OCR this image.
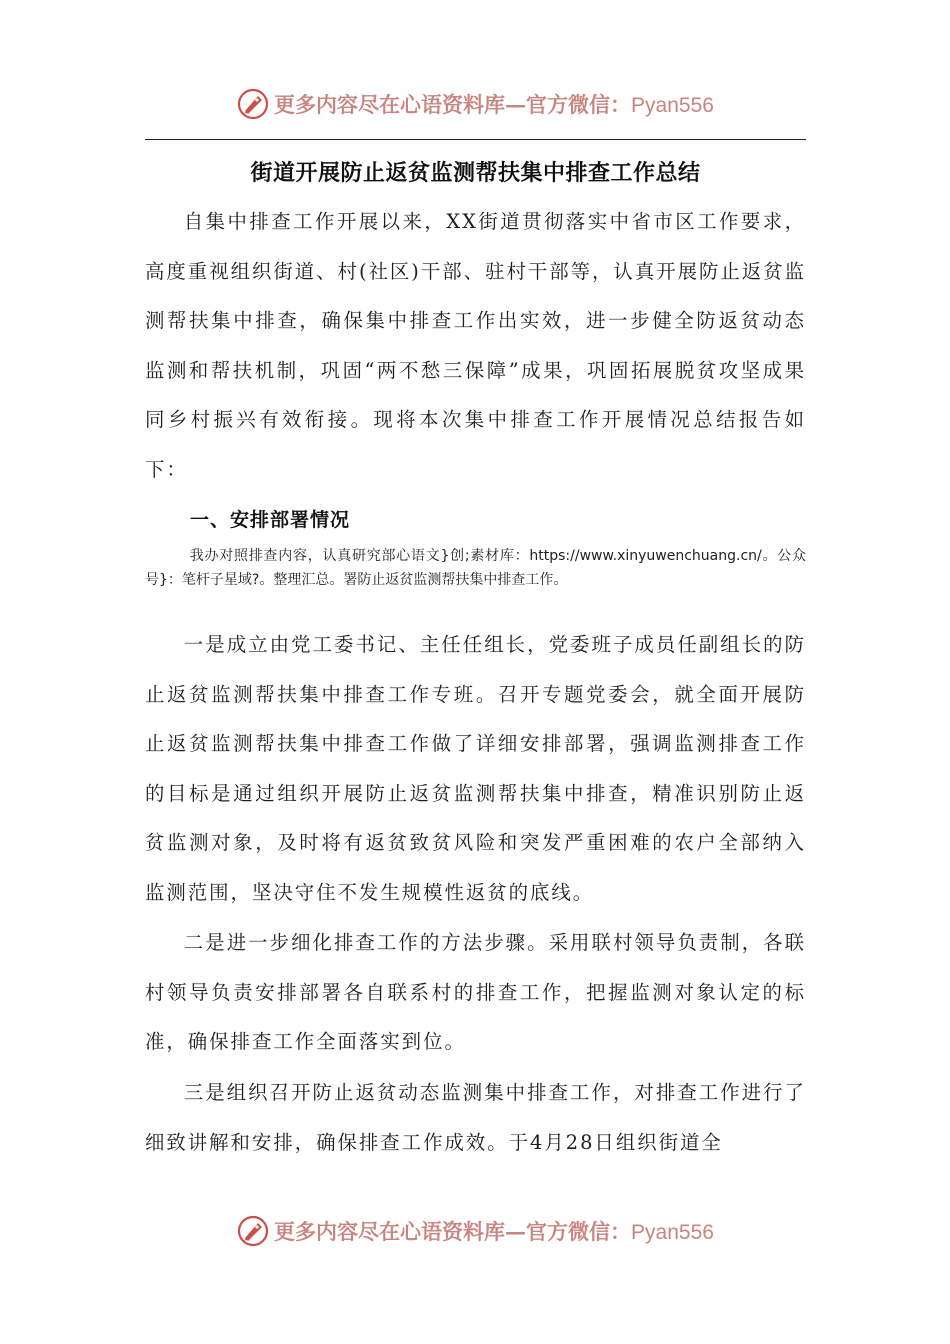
更多内容尽在心语资料库—官方微信：Pyan556
街道开展防止返贫监测帮扶集中排查工作总结

自集中排查工作开展以来，XX街道贯彻落实中省市区工作要求，高度重视组织街道、村(社区)干部、驻村干部等，认真开展防止返贫监测帮扶集中排查，确保集中排查工作出实效，进一步健全防返贫动态监测和帮扶机制，巩固“两不愁三保障”成果，巩固拓展脱贫攻坚成果同乡村振兴有效衔接。现将本次集中排查工作开展情况总结报告如下：

一、安排部署情况

我办对照排查内容，认真研究部心语文}创;素材库：https://www.xinyuwenchuang.cn/。公众号}：笔杆子星域?。整理汇总。署防止返贫监测帮扶集中排查工作。

一是成立由党工委书记、主任任组长，党委班子成员任副组长的防止返贫监测帮扶集中排查工作专班。召开专题党委会，就全面开展防止返贫监测帮扶集中排查工作做了详细安排部署，强调监测排查工作的目标是通过组织开展防止返贫监测帮扶集中排查，精准识别防止返贫监测对象，及时将有返贫致贫风险和突发严重困难的农户全部纳入监测范围，坚决守住不发生规模性返贫的底线。

二是进一步细化排查工作的方法步骤。采用联村领导负责制，各联村领导负责安排部署各自联系村的排查工作，把握监测对象认定的标准，确保排查工作全面落实到位。

三是组织召开防止返贫动态监测集中排查工作，对排查工作进行了细致讲解和安排，确保排查工作成效。于4月28日组织街道全

更多内容尽在心语资料库—官方微信：Pyan556
